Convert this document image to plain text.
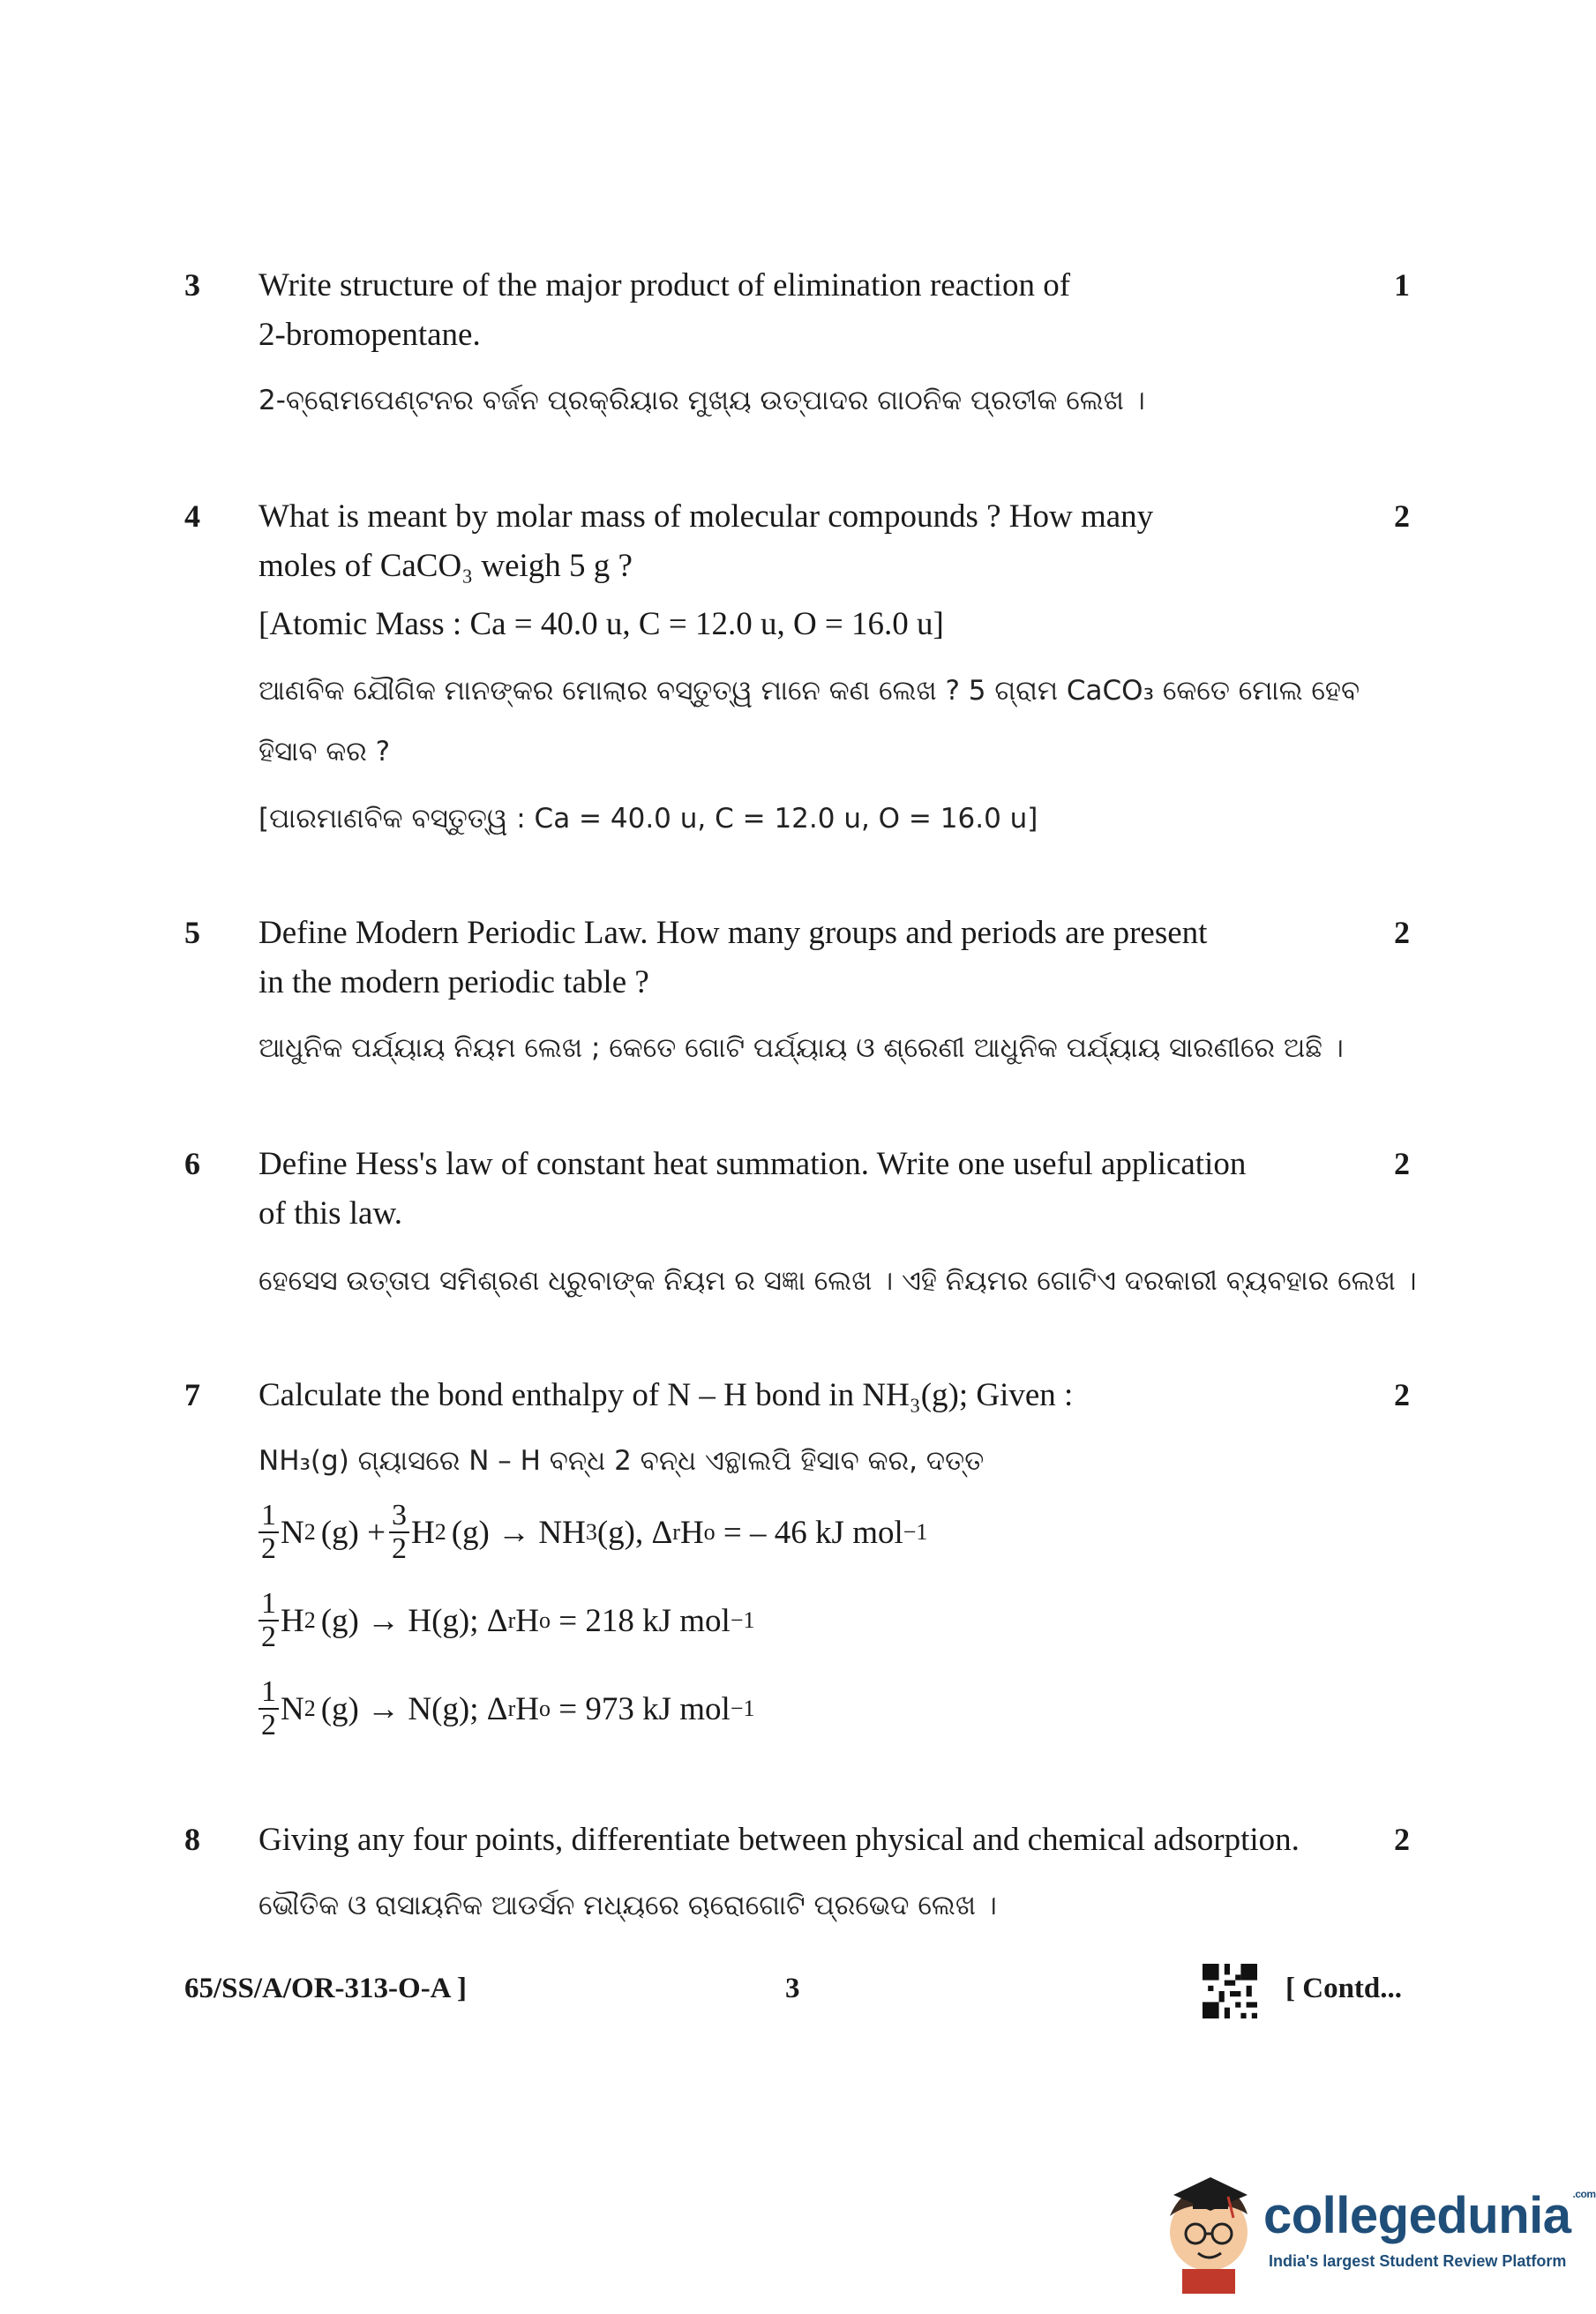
3	1
Write structure of the major product of elimination reaction of
2-bromopentane.
2-ବ୍ରୋମପେଣ୍ଟନର ବର୍ଜନ ପ୍ରକ୍ରିୟାର ମୁଖ୍ୟ ଉତ୍ପାଦର ଗାଠନିକ ପ୍ରତୀକ ଲେଖ ।
4	2
What is meant by molar mass of molecular compounds ? How many
moles of CaCO₃ weigh 5 g ?
[Atomic Mass : Ca = 40.0 u, C = 12.0 u, O = 16.0 u]
ଆଣବିକ ଯୌଗିକ ମାନଙ୍କର ମୋଲାର ବସ୍ତୁତ୍ୱ ମାନେ କଣ ଲେଖ ? 5 ଗ୍ରାମ CaCO₃ କେତେ ମୋଲ ହେବ
ହିସାବ କର ?
[ପାରମାଣବିକ ବସ୍ତୁତ୍ୱ : Ca = 40.0 u, C = 12.0 u, O = 16.0 u]
5	2
Define Modern Periodic Law. How many groups and periods are present
in the modern periodic table ?
ଆଧୁନିକ ପର୍ଯ୍ୟାୟ ନିୟମ ଲେଖ ; କେତେ ଗୋଟି ପର୍ଯ୍ୟାୟ ଓ ଶ୍ରେଣୀ ଆଧୁନିକ ପର୍ଯ୍ୟାୟ ସାରଣୀରେ ଅଛି ।
6	2
Define Hess's law of constant heat summation. Write one useful application
of this law.
ହେସେସ ଉତ୍ତାପ ସମିଶ୍ରଣ ଧ୍ରୁବାଙ୍କ ନିୟମ ର ସଜ୍ଞା ଲେଖ । ଏହି ନିୟମର ଗୋଟିଏ ଦରକାରୀ ବ୍ୟବହାର ଲେଖ ।
7	2
Calculate the bond enthalpy of N – H bond in NH₃(g); Given :
NH₃(g) ଗ୍ୟାସରେ N – H ବନ୍ଧ 2 ବନ୍ଧ ଏନ୍ଥାଲପି ହିସାବ କର, ଦତ୍ତ
$\frac{1}{2}$ N 2 $(g) + \frac{3}{2}$ H 2 (g) → NH 3 (g), Δ r H o = – 46 kJ mol −1
$\frac{1}{2}$ H 2 (g) → H(g); Δ r H o = 218 kJ mol −1
$\frac{1}{2}$ N 2 (g) → N(g); Δ r H o = 973 kJ mol −1
8	2
Giving any four points, differentiate between physical and chemical adsorption.
ଭୌତିକ ଓ ରାସାୟନିକ ଆଡର୍ସନ ମଧ୍ୟରେ ଚାରୋଗୋଟି ପ୍ରଭେଦ ଲେଖ ।
65/SS/A/OR-313-O-A ]	3	[ Contd...
collegedunia $^{.com}$
India's largest Student Review Platform
